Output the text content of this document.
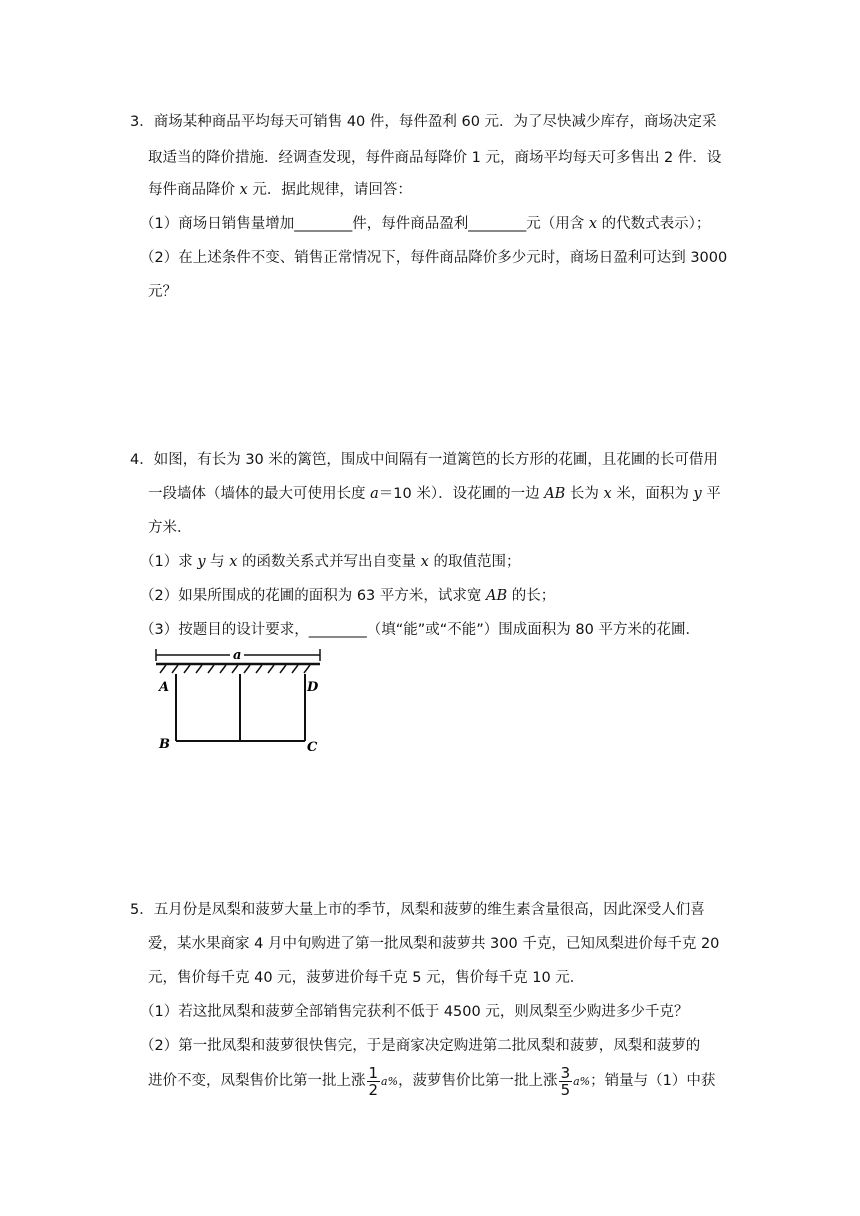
3．商场某种商品平均每天可销售 40 件，每件盈利 60 元．为了尽快减少库存，商场决定采
取适当的降价措施．经调查发现，每件商品每降价 1 元，商场平均每天可多售出 2 件．设
每件商品降价 x 元．据此规律，请回答：
（1）商场日销售量增加________件，每件商品盈利________元（用含 x 的代数式表示）；
（2）在上述条件不变、销售正常情况下，每件商品降价多少元时，商场日盈利可达到 3000
元？
4．如图，有长为 30 米的篱笆，围成中间隔有一道篱笆的长方形的花圃，且花圃的长可借用
一段墙体（墙体的最大可使用长度 a＝10 米）．设花圃的一边 AB 长为 x 米，面积为 y 平
方米．
（1）求 y 与 x 的函数关系式并写出自变量 x 的取值范围；
（2）如果所围成的花圃的面积为 63 平方米，试求宽 AB 的长；
（3）按题目的设计要求，________（填“能”或“不能”）围成面积为 80 平方米的花圃．
a
A
B	C
D
5．五月份是凤梨和菠萝大量上市的季节，凤梨和菠萝的维生素含量很高，因此深受人们喜
爱，某水果商家 4 月中旬购进了第一批凤梨和菠萝共 300 千克，已知凤梨进价每千克 20
元，售价每千克 40 元，菠萝进价每千克 5 元，售价每千克 10 元．
（1）若这批凤梨和菠萝全部销售完获利不低于 4500 元，则凤梨至少购进多少千克？
（2）第一批凤梨和菠萝很快售完，于是商家决定购进第二批凤梨和菠萝，凤梨和菠萝的
进价不变，凤梨售价比第一批上涨 $\frac{1}{2} a\%$，菠萝售价比第一批上涨 $\frac{3}{5} a\%$；销量与（1）中获
